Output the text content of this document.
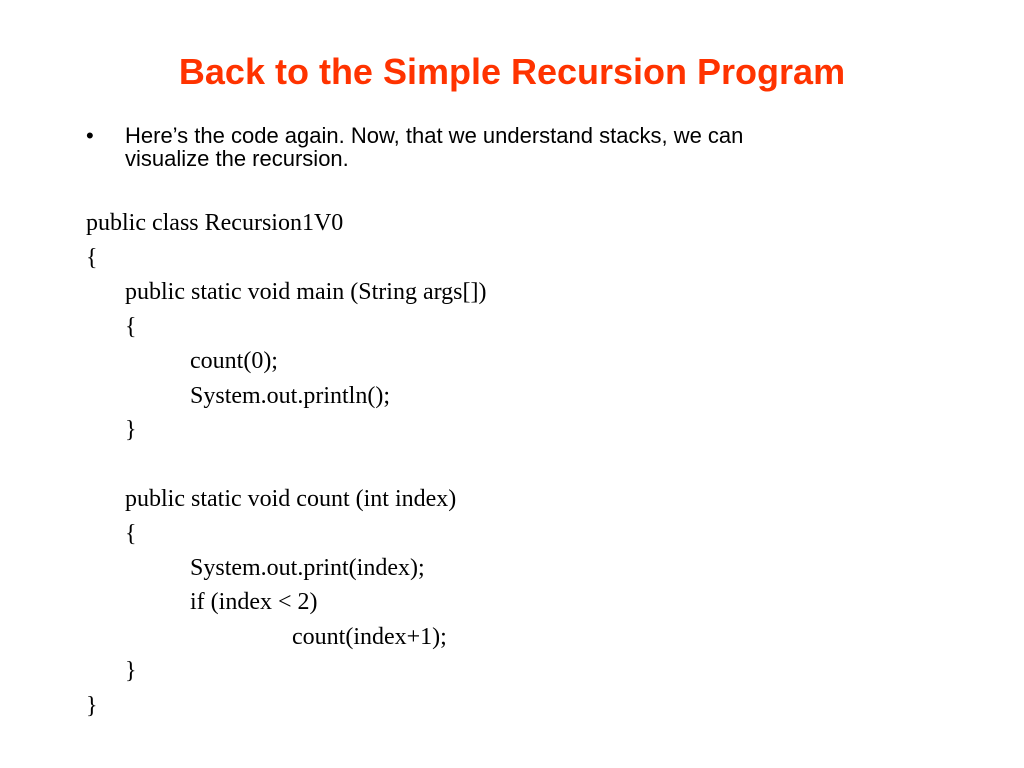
Back to the Simple Recursion Program
• Here’s the code again. Now, that we understand stacks, we can
visualize the recursion.
public class Recursion1V0
{
public static void main (String args[])
{
count(0);
System.out.println();
}
public static void count (int index)
{
System.out.print(index);
if (index < 2)
count(index+1);
}
}
